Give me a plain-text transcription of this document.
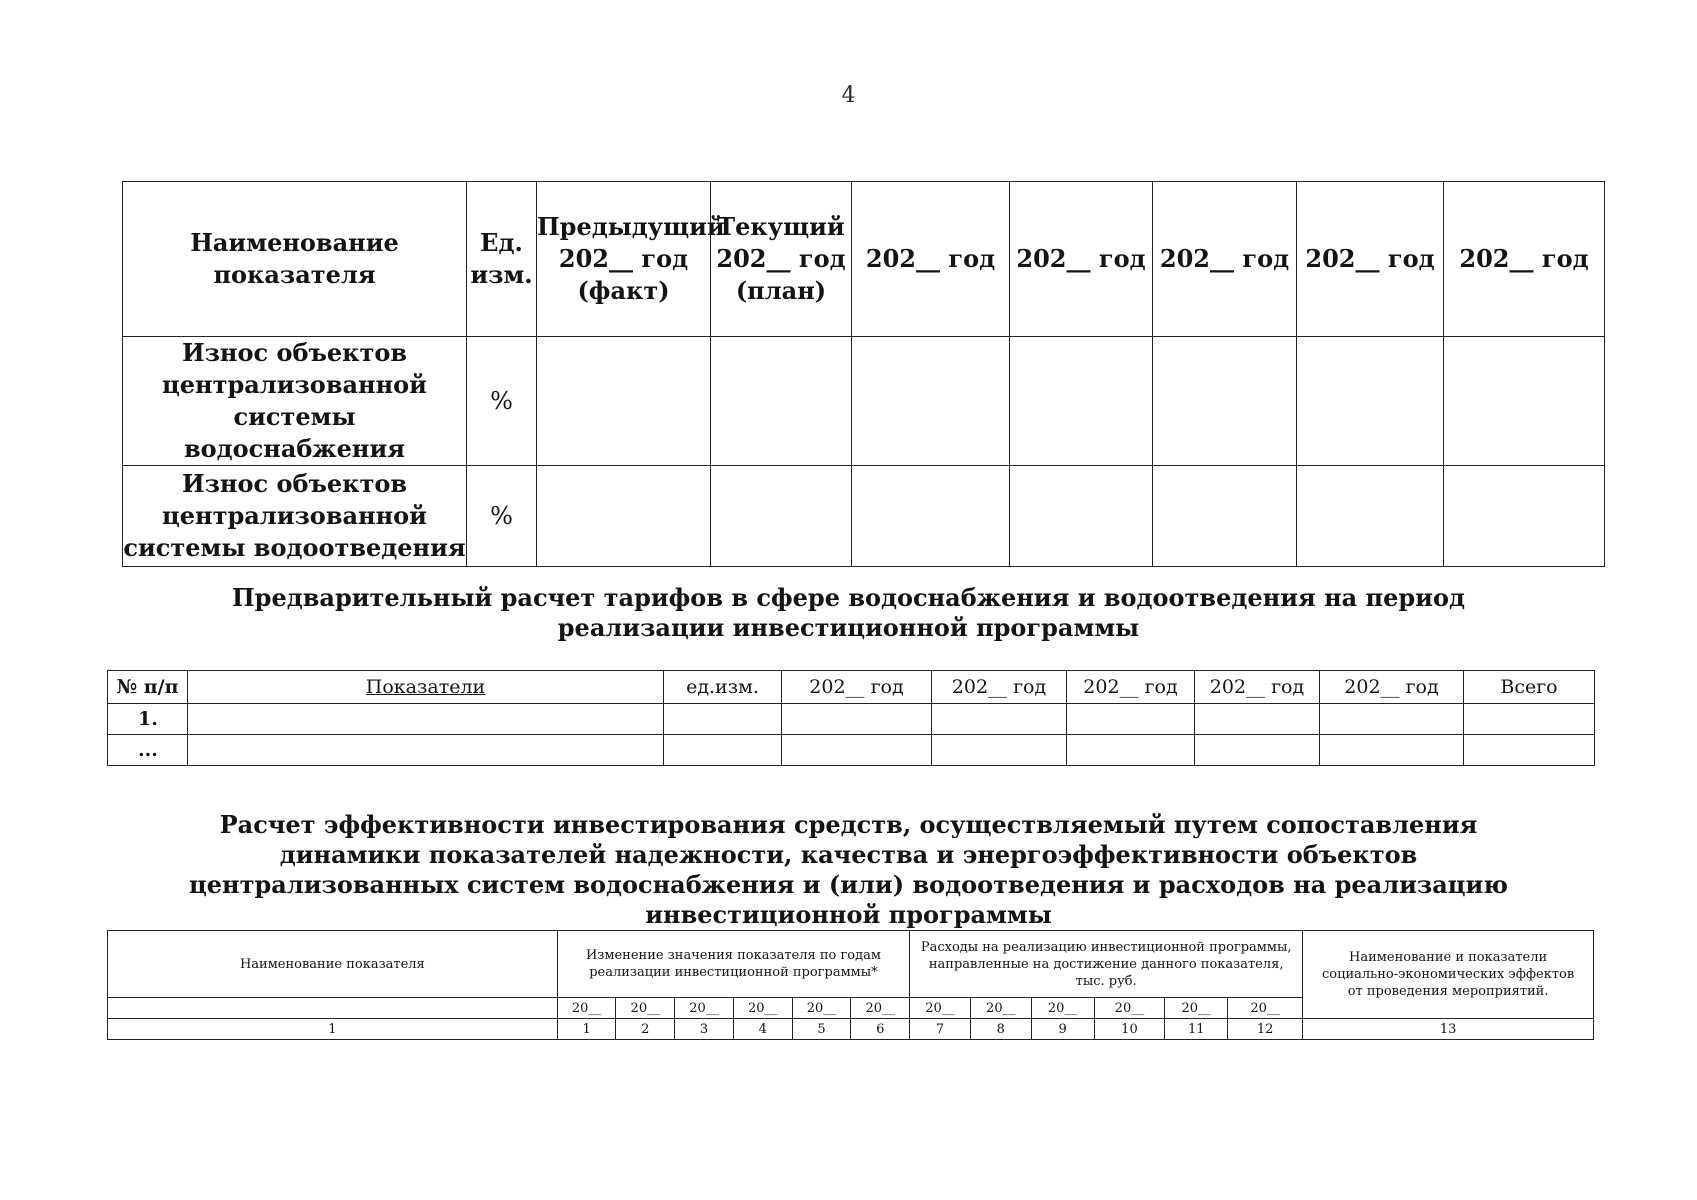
4
Наименование показателя	Ед. изм.	Предыдущий 202__ год (факт)	Текущий 202__ год (план)	202__ год	202__ год	202__ год	202__ год	202__ год
Износ объектов централизованной системы водоснабжения	%							
Износ объектов централизованной системы водоотведения	%							
Предварительный расчет тарифов в сфере водоснабжения и водоотведения на период реализации инвестиционной программы
№ п/п	Показатели	ед.изм.	202__ год	202__ год	202__ год	202__ год	202__ год	Всего
1.								
...								
Расчет эффективности инвестирования средств, осуществляемый путем сопоставления динамики показателей надежности, качества и энергоэффективности объектов централизованных систем водоснабжения и (или) водоотведения и расходов на реализацию инвестиционной программы
Наименование показателя	Изменение значения показателя по годам реализации инвестиционной программы*						Расходы на реализацию инвестиционной программы, направленные на достижение данного показателя, тыс. руб.						Наименование и показатели социально-экономических эффектов от проведения мероприятий.
	20__	20__	20__	20__	20__	20__	20__	20__	20__	20__	20__	20__	
1	1	2	3	4	5	6	7	8	9	10	11	12	13
